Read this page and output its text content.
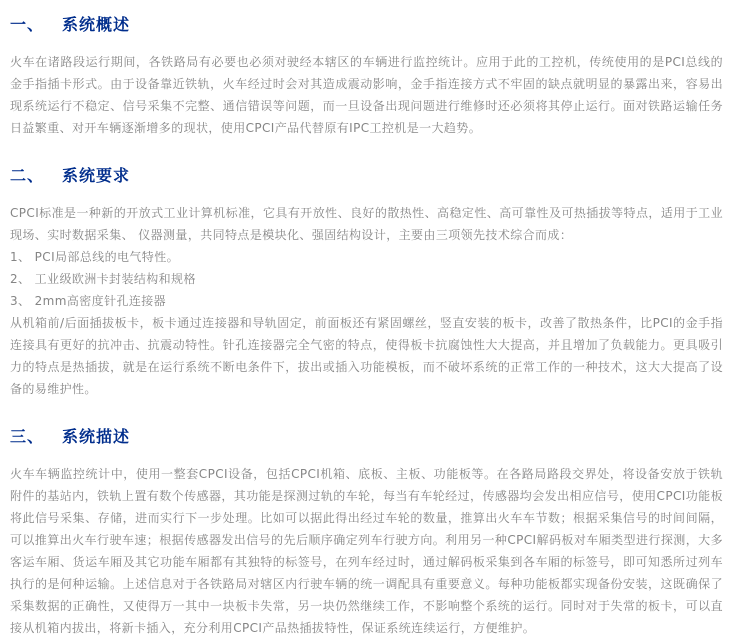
一、 系统概述

火车在诸路段运行期间，各铁路局有必要也必须对驶经本辖区的车辆进行监控统计。应用于此的工控机，传统使用的是PCI总线的金手指插卡形式。由于设备靠近铁轨，火车经过时会对其造成震动影响，金手指连接方式不牢固的缺点就明显的暴露出来，容易出现系统运行不稳定、信号采集不完整、通信错误等问题，而一旦设备出现问题进行维修时还必须将其停止运行。面对铁路运输任务日益繁重、对开车辆逐渐增多的现状，使用CPCI产品代替原有IPC工控机是一大趋势。

二、 系统要求

CPCI标准是一种新的开放式工业计算机标准，它具有开放性、良好的散热性、高稳定性、高可靠性及可热插拔等特点，适用于工业现场、实时数据采集、 仪器测量，共同特点是模块化、强固结构设计，主要由三项领先技术综合而成：

1、 PCI局部总线的电气特性。

2、 工业级欧洲卡封装结构和规格

3、 2mm高密度针孔连接器

从机箱前/后面插拔板卡，板卡通过连接器和导轨固定，前面板还有紧固螺丝，竖直安装的板卡，改善了散热条件，比PCI的金手指连接具有更好的抗冲击、抗震动特性。针孔连接器完全气密的特点，使得板卡抗腐蚀性大大提高，并且增加了负载能力。更具吸引力的特点是热插拔，就是在运行系统不断电条件下，拔出或插入功能模板，而不破坏系统的正常工作的一种技术，这大大提高了设备的易维护性。

三、 系统描述

火车车辆监控统计中，使用一整套CPCI设备，包括CPCI机箱、底板、主板、功能板等。在各路局路段交界处，将设备安放于铁轨附件的基站内，铁轨上置有数个传感器，其功能是探测过轨的车轮，每当有车轮经过，传感器均会发出相应信号，使用CPCI功能板将此信号采集、存储，进而实行下一步处理。比如可以据此得出经过车轮的数量，推算出火车车节数；根据采集信号的时间间隔，可以推算出火车行驶车速；根据传感器发出信号的先后顺序确定列车行驶方向。利用另一种CPCI解码板对车厢类型进行探测，大多客运车厢、货运车厢及其它功能车厢都有其独特的标签号，在列车经过时，通过解码板采集到各车厢的标签号，即可知悉所过列车执行的是何种运输。上述信息对于各铁路局对辖区内行驶车辆的统一调配具有重要意义。每种功能板都实现备份安装，这既确保了采集数据的正确性，又使得万一其中一块板卡失常，另一块仍然继续工作，不影响整个系统的运行。同时对于失常的板卡，可以直接从机箱内拔出，将新卡插入，充分利用CPCI产品热插拔特性，保证系统连续运行，方便维护。
